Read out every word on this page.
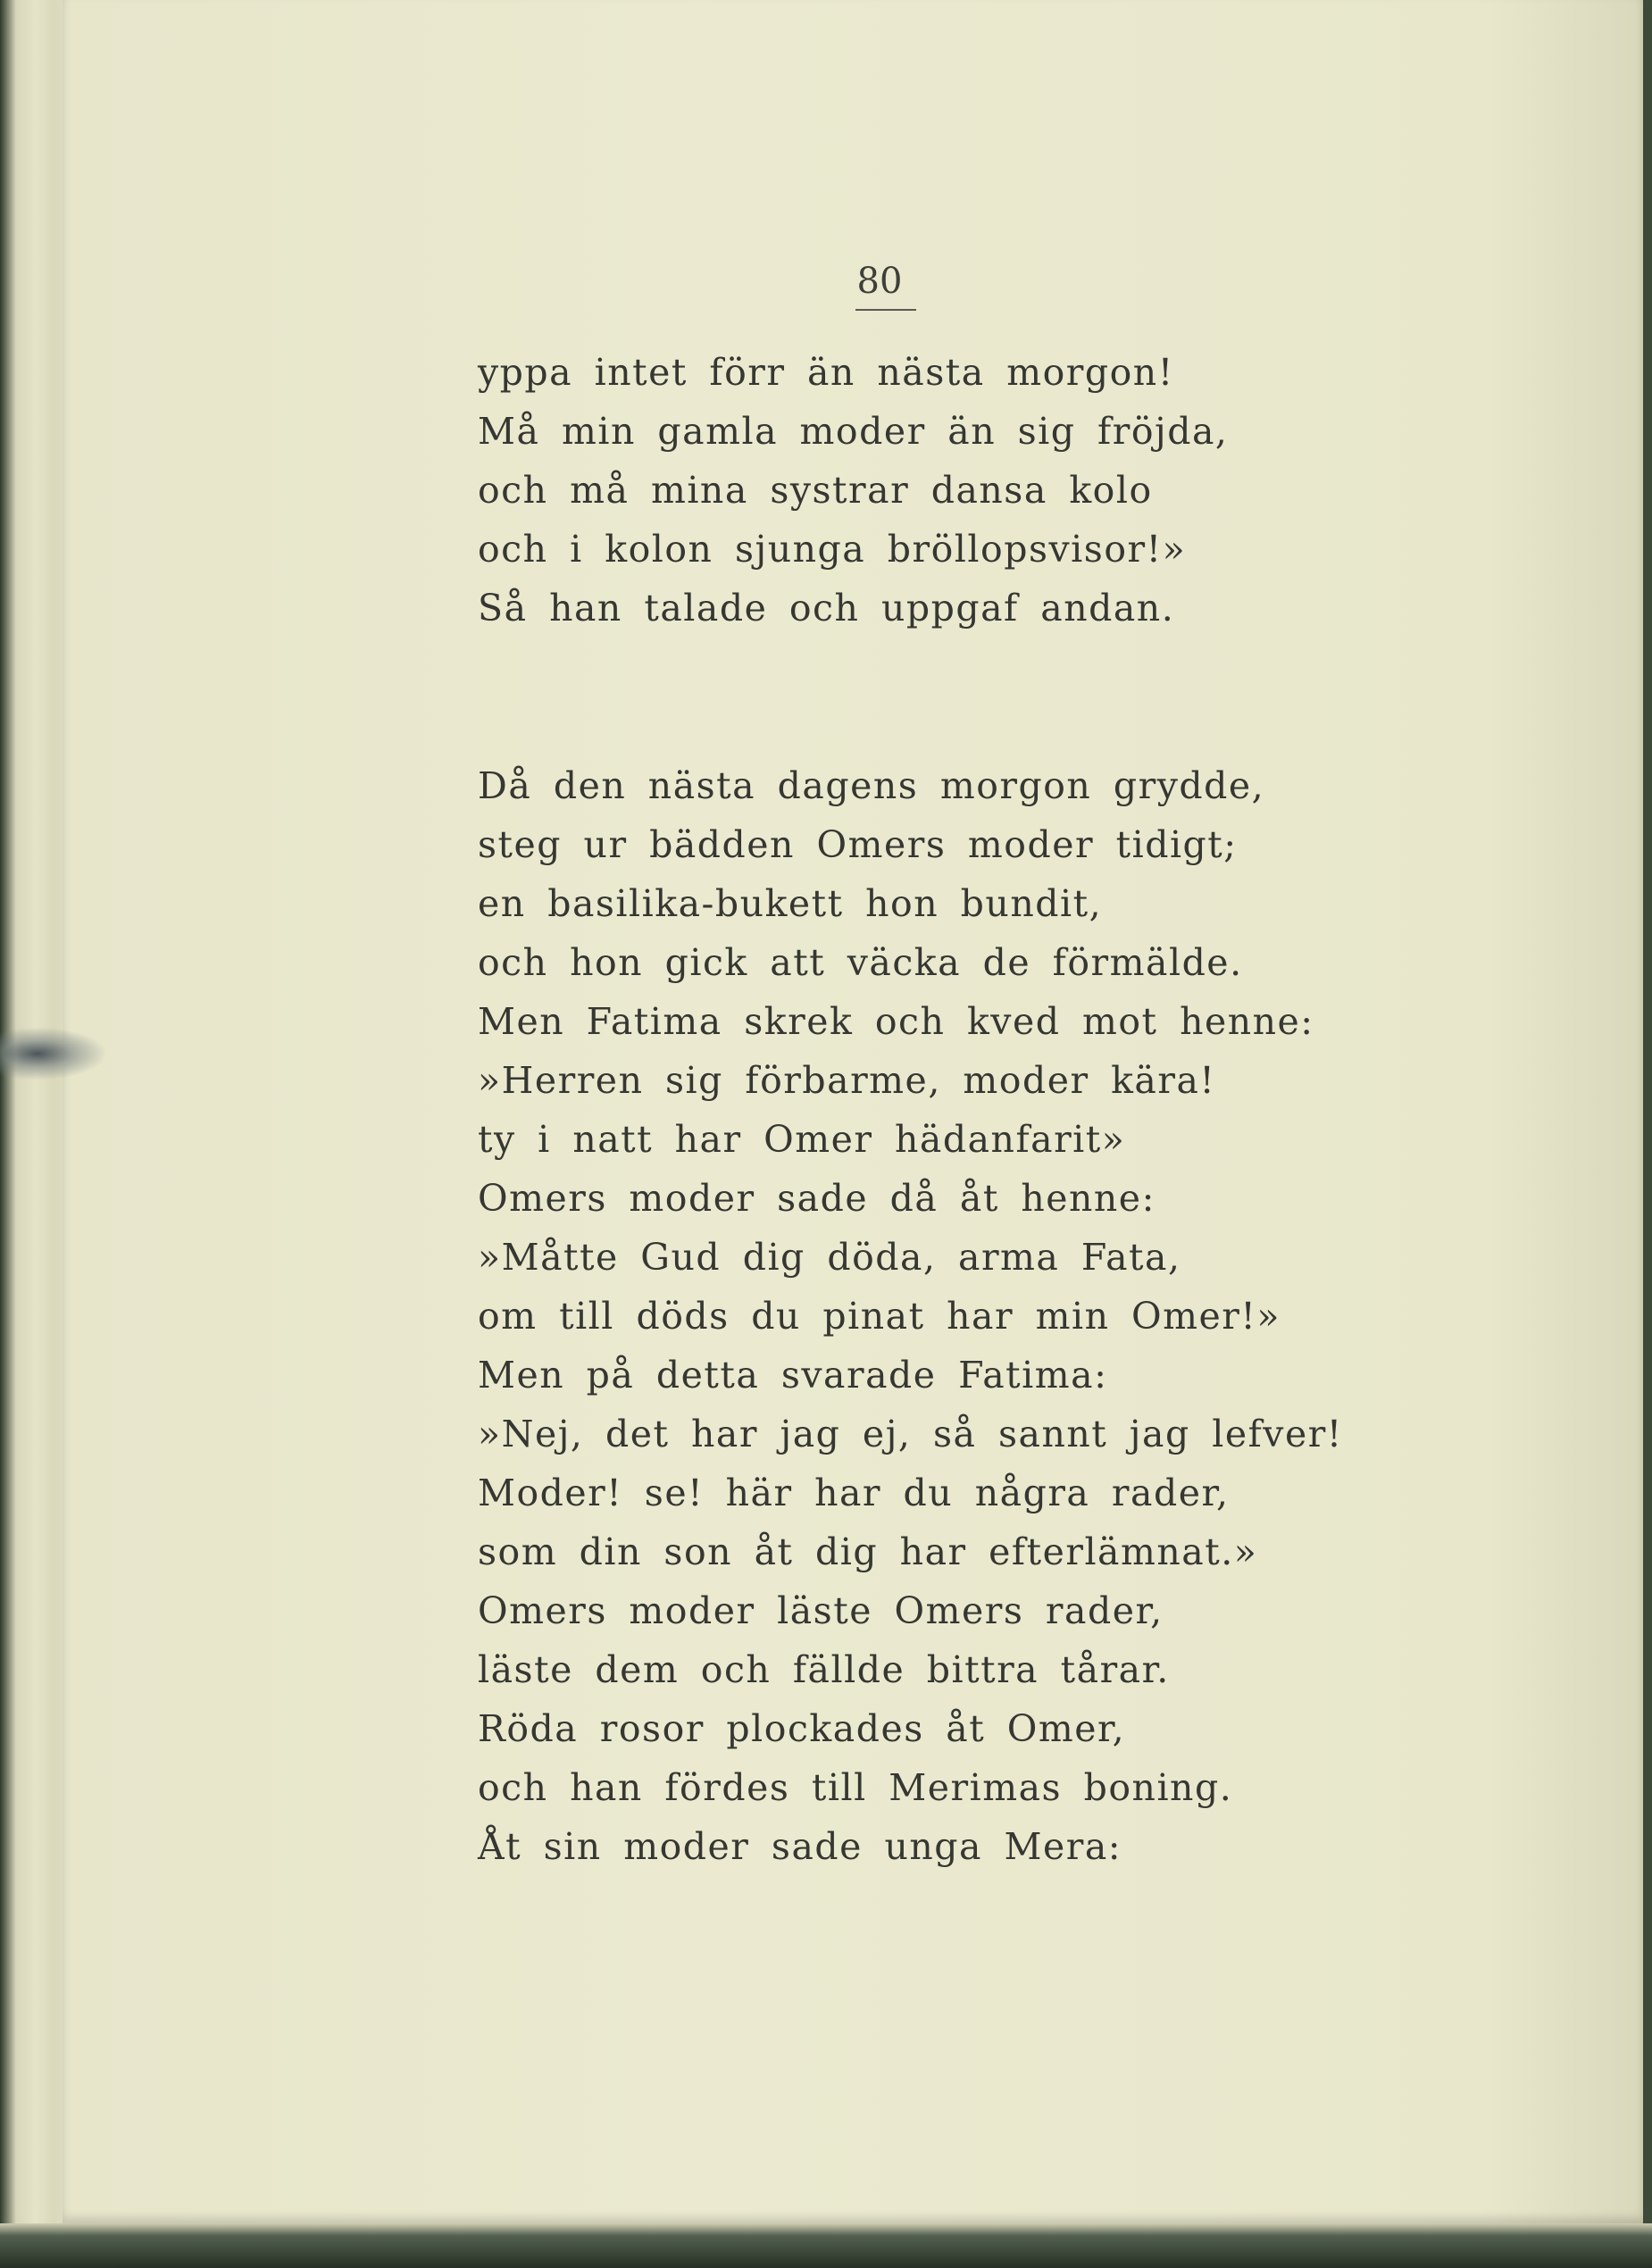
80
yppa intet förr än nästa morgon!
Må min gamla moder än sig fröjda,
och må mina systrar dansa kolo
och i kolon sjunga bröllopsvisor!»
Så han talade och uppgaf andan.
Då den nästa dagens morgon grydde,
steg ur bädden Omers moder tidigt;
en basilika-bukett hon bundit,
och hon gick att väcka de förmälde.
Men Fatima skrek och kved mot henne:
»Herren sig förbarme, moder kära!
ty i natt har Omer hädanfarit»
Omers moder sade då åt henne:
»Måtte Gud dig döda, arma Fata,
om till döds du pinat har min Omer!»
Men på detta svarade Fatima:
»Nej, det har jag ej, så sannt jag lefver!
Moder! se! här har du några rader,
som din son åt dig har efterlämnat.»
Omers moder läste Omers rader,
läste dem och fällde bittra tårar.
Röda rosor plockades åt Omer,
och han fördes till Merimas boning.
Åt sin moder sade unga Mera:
